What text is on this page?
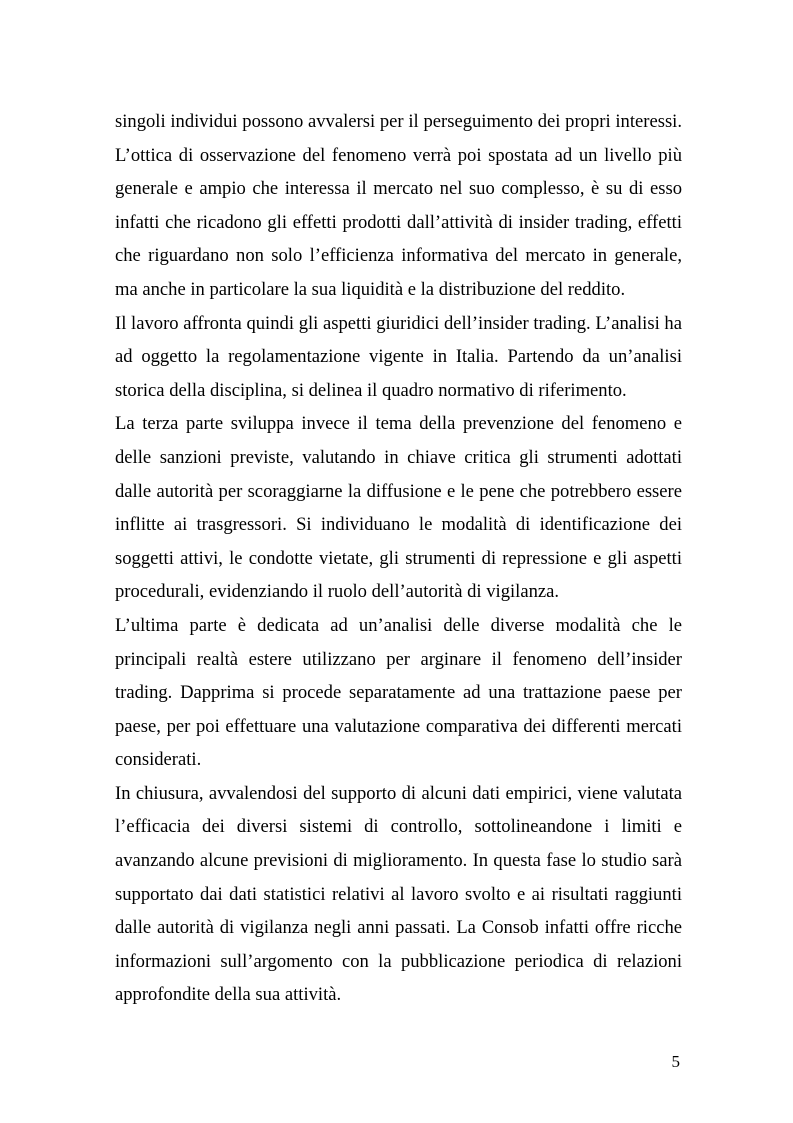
singoli individui possono avvalersi per il perseguimento dei propri interessi. L’ottica di osservazione del fenomeno verrà poi spostata ad un livello più generale e ampio che interessa il mercato nel suo complesso, è su di esso infatti che ricadono gli effetti prodotti dall’attività di insider trading, effetti che riguardano non solo l’efficienza informativa del mercato in generale, ma anche in particolare la sua liquidità e la distribuzione del reddito.

Il lavoro affronta quindi gli aspetti giuridici dell’insider trading. L’analisi ha ad oggetto la regolamentazione vigente in Italia. Partendo da un’analisi storica della disciplina, si delinea il quadro normativo di riferimento.

La terza parte sviluppa invece il tema della prevenzione del fenomeno e delle sanzioni previste, valutando in chiave critica gli strumenti adottati dalle autorità per scoraggiarne la diffusione e le pene che potrebbero essere inflitte ai trasgressori. Si individuano le modalità di identificazione dei soggetti attivi, le condotte vietate, gli strumenti di repressione e gli aspetti procedurali, evidenziando il ruolo dell’autorità di vigilanza.

L’ultima parte è dedicata ad un’analisi delle diverse modalità che le principali realtà estere utilizzano per arginare il fenomeno dell’insider trading. Dapprima si procede separatamente ad una trattazione paese per paese, per poi effettuare una valutazione comparativa dei differenti mercati considerati.

In chiusura, avvalendosi del supporto di alcuni dati empirici, viene valutata l’efficacia dei diversi sistemi di controllo, sottolineandone i limiti e avanzando alcune previsioni di miglioramento. In questa fase lo studio sarà supportato dai dati statistici relativi al lavoro svolto e ai risultati raggiunti dalle autorità di vigilanza negli anni passati. La Consob infatti offre ricche informazioni sull’argomento con la pubblicazione periodica di relazioni approfondite della sua attività.

5
